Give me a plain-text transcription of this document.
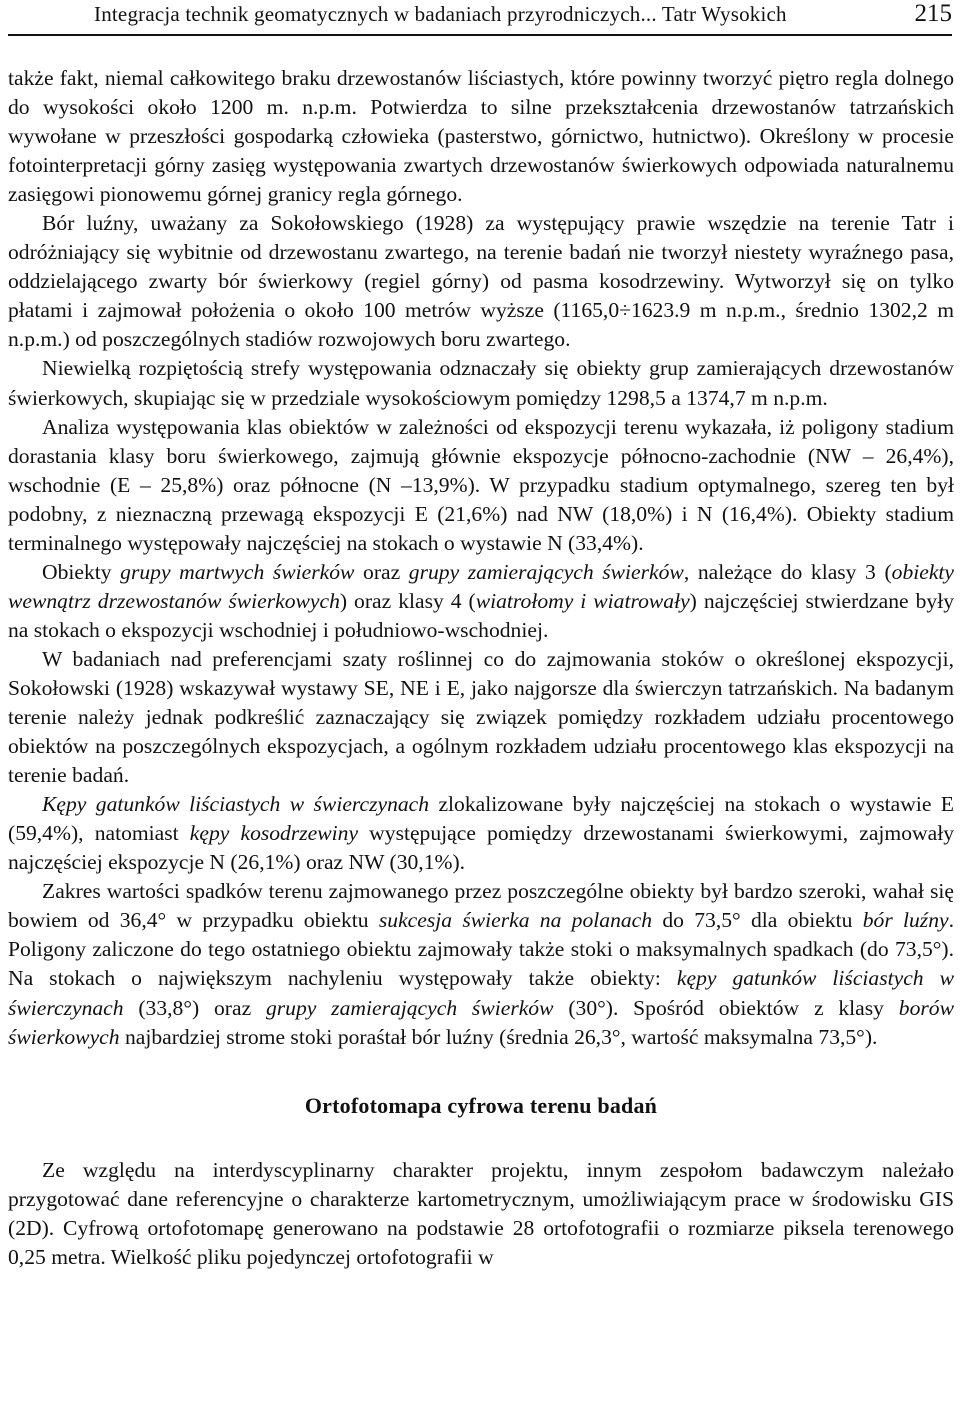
Integracja technik geomatycznych w badaniach przyrodniczych... Tatr Wysokich	215

także fakt, niemal całkowitego braku drzewostanów liściastych, które powinny tworzyć piętro regla dolnego do wysokości około 1200 m. n.p.m. Potwierdza to silne przekształcenia drzewostanów tatrzańskich wywołane w przeszłości gospodarką człowieka (pasterstwo, górnictwo, hutnictwo). Określony w procesie fotointerpretacji górny zasięg występowania zwartych drzewostanów świerkowych odpowiada naturalnemu zasięgowi pionowemu górnej granicy regla górnego.

Bór luźny, uważany za Sokołowskiego (1928) za występujący prawie wszędzie na terenie Tatr i odróżniający się wybitnie od drzewostanu zwartego, na terenie badań nie tworzył niestety wyraźnego pasa, oddzielającego zwarty bór świerkowy (regiel górny) od pasma kosodrzewiny. Wytworzył się on tylko płatami i zajmował położenia o około 100 metrów wyższe (1165,0÷1623.9 m n.p.m., średnio 1302,2 m n.p.m.) od poszczególnych stadiów rozwojowych boru zwartego.

Niewielką rozpiętością strefy występowania odznaczały się obiekty grup zamierających drzewostanów świerkowych, skupiając się w przedziale wysokościowym pomiędzy 1298,5 a 1374,7 m n.p.m.

Analiza występowania klas obiektów w zależności od ekspozycji terenu wykazała, iż poligony stadium dorastania klasy boru świerkowego, zajmują głównie ekspozycje północno-zachodnie (NW – 26,4%), wschodnie (E – 25,8%) oraz północne (N –13,9%). W przypadku stadium optymalnego, szereg ten był podobny, z nieznaczną przewagą ekspozycji E (21,6%) nad NW (18,0%) i N (16,4%). Obiekty stadium terminalnego występowały najczęściej na stokach o wystawie N (33,4%).

Obiekty grupy martwych świerków oraz grupy zamierających świerków, należące do klasy 3 (obiekty wewnątrz drzewostanów świerkowych) oraz klasy 4 (wiatrołomy i wiatrowały) najczęściej stwierdzane były na stokach o ekspozycji wschodniej i południowo-wschodniej.

W badaniach nad preferencjami szaty roślinnej co do zajmowania stoków o określonej ekspozycji, Sokołowski (1928) wskazywał wystawy SE, NE i E, jako najgorsze dla świerczyn tatrzańskich. Na badanym terenie należy jednak podkreślić zaznaczający się związek pomiędzy rozkładem udziału procentowego obiektów na poszczególnych ekspozycjach, a ogólnym rozkładem udziału procentowego klas ekspozycji na terenie badań.

Kępy gatunków liściastych w świerczynach zlokalizowane były najczęściej na stokach o wystawie E (59,4%), natomiast kępy kosodrzewiny występujące pomiędzy drzewostanami świerkowymi, zajmowały najczęściej ekspozycje N (26,1%) oraz NW (30,1%).

Zakres wartości spadków terenu zajmowanego przez poszczególne obiekty był bardzo szeroki, wahał się bowiem od 36,4° w przypadku obiektu sukcesja świerka na polanach do 73,5° dla obiektu bór luźny. Poligony zaliczone do tego ostatniego obiektu zajmowały także stoki o maksymalnych spadkach (do 73,5°). Na stokach o największym nachyleniu występowały także obiekty: kępy gatunków liściastych w świerczynach (33,8°) oraz grupy zamierających świerków (30°). Spośród obiektów z klasy borów świerkowych najbardziej strome stoki poraśtał bór luźny (średnia 26,3°, wartość maksymalna 73,5°).

Ortofotomapa cyfrowa terenu badań

Ze względu na interdyscyplinarny charakter projektu, innym zespołom badawczym należało przygotować dane referencyjne o charakterze kartometrycznym, umożliwiającym prace w środowisku GIS (2D). Cyfrową ortofotomapę generowano na podstawie 28 ortofotografii o rozmiarze piksela terenowego 0,25 metra. Wielkość pliku pojedynczej ortofotografii w
